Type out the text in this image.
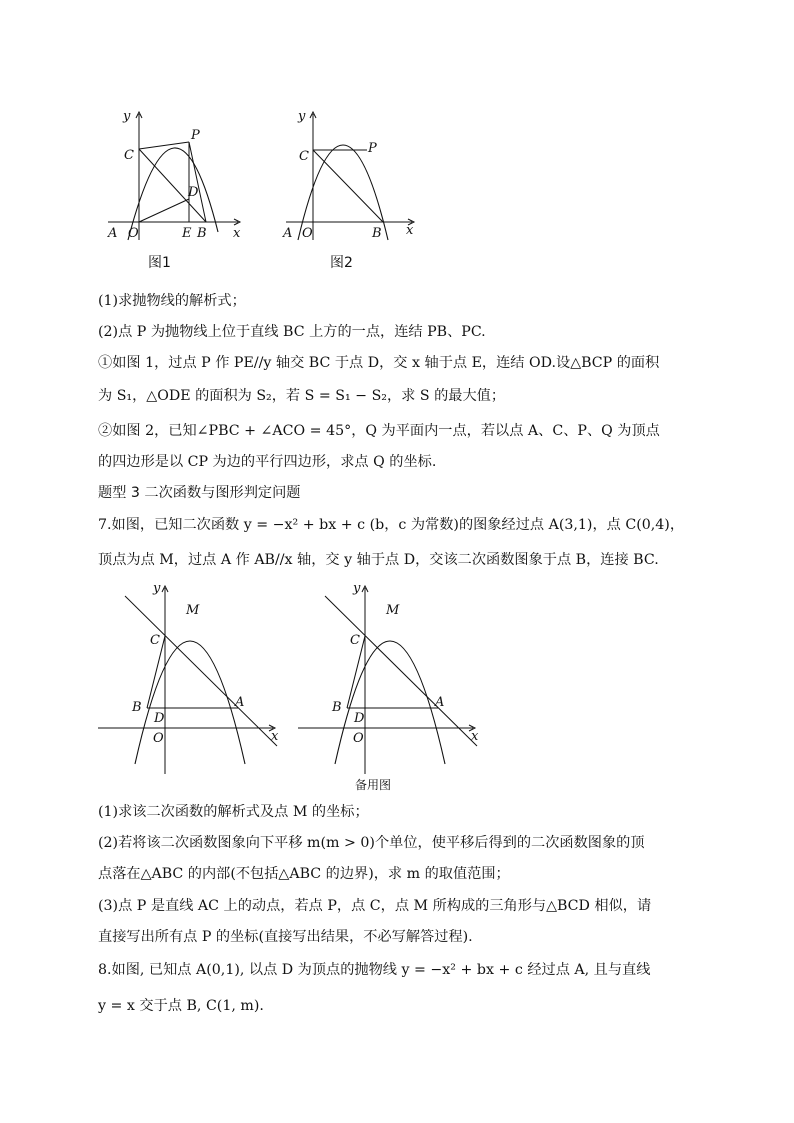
y
x
C
P
D
A O	E B
图1
y
x
C
P
A O	B
图2
(1)求抛物线的解析式；
(2)点 P 为抛物线上位于直线 BC 上方的一点，连结 PB、PC.
①如图 1，过点 P 作 PE//y 轴交 BC 于点 D，交 x 轴于点 E，连结 OD.设△BCP 的面积
为 S₁，△ODE 的面积为 S₂，若 S = S₁ − S₂，求 S 的最大值；
②如图 2，已知∠PBC + ∠ACO = 45°，Q 为平面内一点，若以点 A、C、P、Q 为顶点
的四边形是以 CP 为边的平行四边形，求点 Q 的坐标.
题型 3 二次函数与图形判定问题
7.如图，已知二次函数 y = −x² + bx + c (b，c 为常数)的图象经过点 A(3,1)，点 C(0,4)，
顶点为点 M，过点 A 作 AB//x 轴，交 y 轴于点 D，交该二次函数图象于点 B，连接 BC.
y
x
M
C
B
D
A
O
y
x
M
C
B
D
A
O
备用图
(1)求该二次函数的解析式及点 M 的坐标；
(2)若将该二次函数图象向下平移 m(m > 0)个单位，使平移后得到的二次函数图象的顶
点落在△ABC 的内部(不包括△ABC 的边界)，求 m 的取值范围；
(3)点 P 是直线 AC 上的动点，若点 P，点 C，点 M 所构成的三角形与△BCD 相似，请
直接写出所有点 P 的坐标(直接写出结果，不必写解答过程).
8.如图, 已知点 A(0,1), 以点 D 为顶点的抛物线 y = −x² + bx + c 经过点 A, 且与直线
y = x 交于点 B, C(1, m).
